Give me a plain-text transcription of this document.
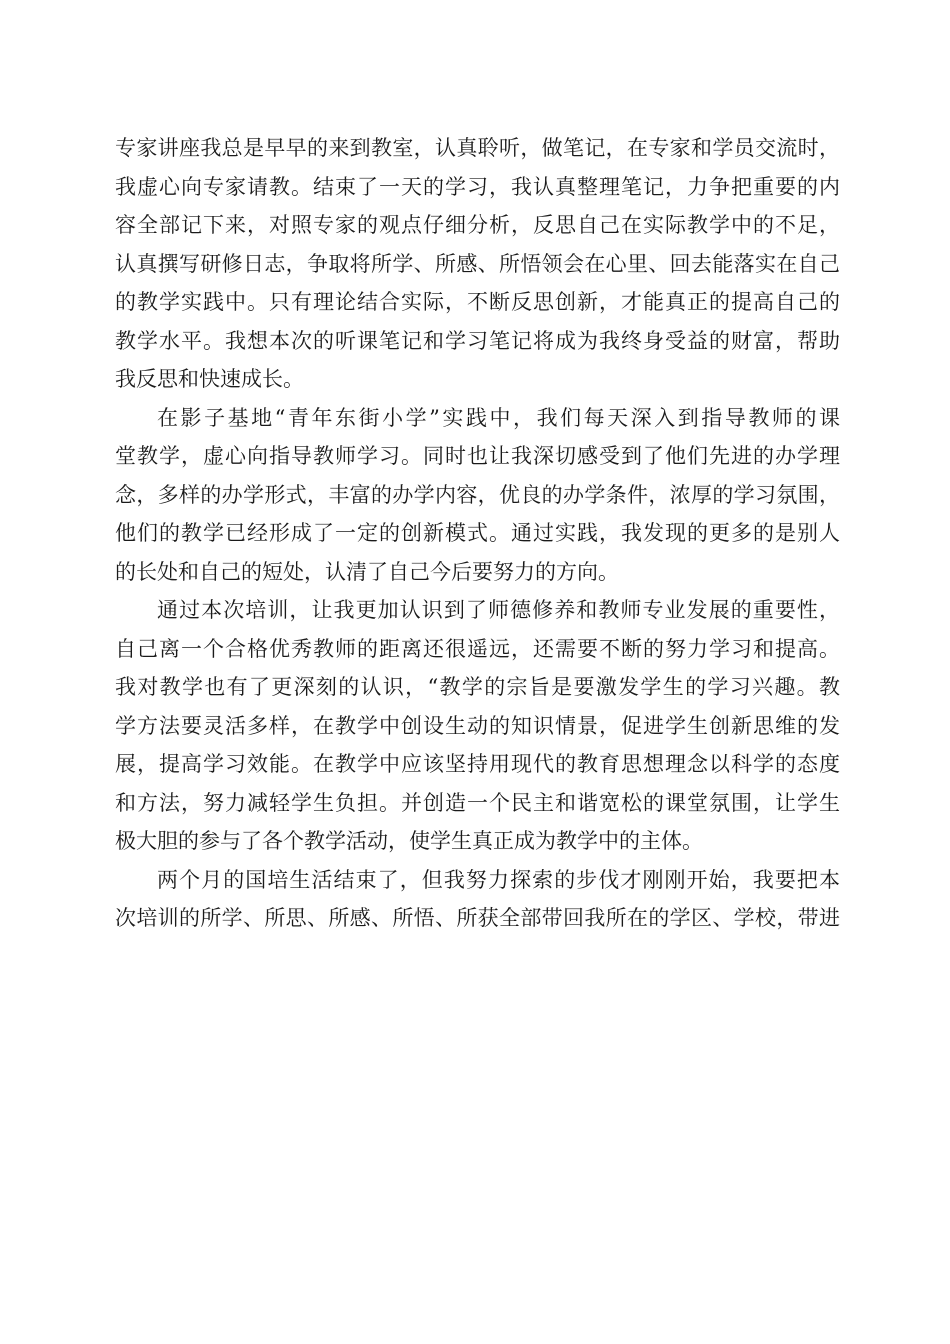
专家讲座我总是早早的来到教室，认真聆听，做笔记，在专家和学员交流时，
我虚心向专家请教。结束了一天的学习，我认真整理笔记，力争把重要的内
容全部记下来，对照专家的观点仔细分析，反思自己在实际教学中的不足，
认真撰写研修日志，争取将所学、所感、所悟领会在心里、回去能落实在自己
的教学实践中。只有理论结合实际，不断反思创新，才能真正的提高自己的
教学水平。我想本次的听课笔记和学习笔记将成为我终身受益的财富，帮助
我反思和快速成长。
在影子基地“青年东街小学”实践中，我们每天深入到指导教师的课
堂教学，虚心向指导教师学习。同时也让我深切感受到了他们先进的办学理
念，多样的办学形式，丰富的办学内容，优良的办学条件，浓厚的学习氛围，
他们的教学已经形成了一定的创新模式。通过实践，我发现的更多的是别人
的长处和自己的短处，认清了自己今后要努力的方向。
通过本次培训，让我更加认识到了师德修养和教师专业发展的重要性，
自己离一个合格优秀教师的距离还很遥远，还需要不断的努力学习和提高。
我对教学也有了更深刻的认识，“教学的宗旨是要激发学生的学习兴趣。教
学方法要灵活多样，在教学中创设生动的知识情景，促进学生创新思维的发
展，提高学习效能。在教学中应该坚持用现代的教育思想理念以科学的态度
和方法，努力减轻学生负担。并创造一个民主和谐宽松的课堂氛围，让学生
极大胆的参与了各个教学活动，使学生真正成为教学中的主体。
两个月的国培生活结束了，但我努力探索的步伐才刚刚开始，我要把本
次培训的所学、所思、所感、所悟、所获全部带回我所在的学区、学校，带进
